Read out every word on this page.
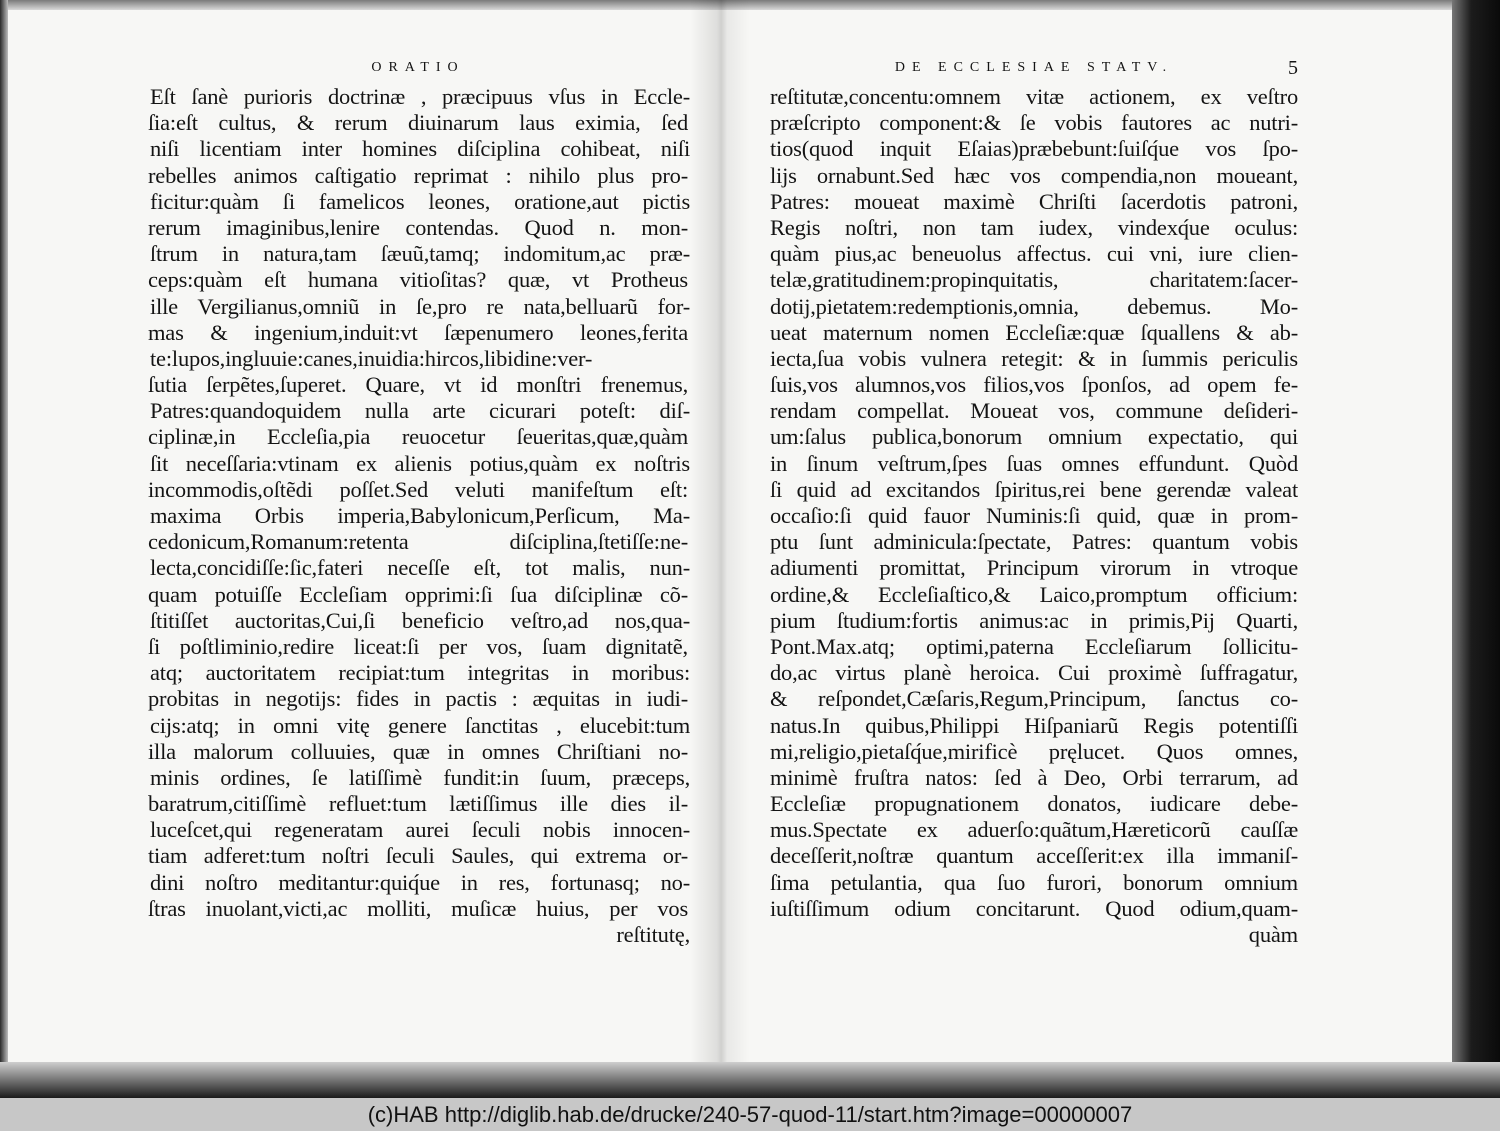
ORATIO
Eſt ſanè purioris doctrinæ , præcipuus vſus in Eccle-
ſia:eſt cultus, & rerum diuinarum laus eximia, ſed
niſi licentiam inter homines diſciplina cohibeat, niſi
rebelles animos caſtigatio reprimat : nihilo plus pro-
ficitur:quàm ſi famelicos leones, oratione,aut pictis
rerum imaginibus,lenire contendas. Quod n. mon-
ſtrum in natura,tam ſæuũ,tamq; indomitum,ac præ-
ceps:quàm eſt humana vitioſitas? quæ, vt Protheus
ille Vergilianus,omniũ in ſe,pro re nata,belluarũ for-
mas & ingenium,induit:vt ſæpenumero leones,ferita
te:lupos,ingluuie:canes,inuidia:hircos,libidine:ver-
ſutia ſerpẽtes,ſuperet. Quare, vt id monſtri frenemus,
Patres:quandoquidem nulla arte cicurari poteſt: diſ-
ciplinæ,in Eccleſia,pia reuocetur ſeueritas,quæ,quàm
ſit neceſſaria:vtinam ex alienis potius,quàm ex noſtris
incommodis,oſtẽdi poſſet.Sed veluti manifeſtum eſt:
maxima Orbis imperia,Babylonicum,Perſicum, Ma-
cedonicum,Romanum:retenta diſciplina,ſtetiſſe:ne-
lecta,concidiſſe:ſic,fateri neceſſe eſt, tot malis, nun-
quam potuiſſe Eccleſiam opprimi:ſi ſua diſciplinæ cõ-
ſtitiſſet auctoritas,Cui,ſi beneficio veſtro,ad nos,qua-
ſi poſtliminio,redire liceat:ſi per vos, ſuam dignitatẽ,
atq; auctoritatem recipiat:tum integritas in moribus:
probitas in negotijs: fides in pactis : æquitas in iudi-
cijs:atq; in omni vitę genere ſanctitas , elucebit:tum
illa malorum colluuies, quæ in omnes Chriſtiani no-
minis ordines, ſe latiſſimè fundit:in ſuum, præceps,
baratrum,citiſſimè refluet:tum lætiſſimus ille dies il-
luceſcet,qui regeneratam aurei ſeculi nobis innocen-
tiam adferet:tum noſtri ſeculi Saules, qui extrema or-
dini noſtro meditantur:quiq́ue in res, fortunasq; no-
ſtras inuolant,victi,ac molliti, muſicæ huius, per vos
reſtitutę,
DE ECCLESIAE STATV.	5
reſtitutæ,concentu:omnem vitæ actionem, ex veſtro
præſcripto component:& ſe vobis fautores ac nutri-
tios(quod inquit Eſaias)præbebunt:ſuiſq́ue vos ſpo-
lijs ornabunt.Sed hæc vos compendia,non moueant,
Patres: moueat maximè Chriſti ſacerdotis patroni,
Regis noſtri, non tam iudex, vindexq́ue oculus:
quàm pius,ac beneuolus affectus. cui vni, iure clien-
telæ,gratitudinem:propinquitatis, charitatem:ſacer-
dotij,pietatem:redemptionis,omnia, debemus. Mo-
ueat maternum nomen Eccleſiæ:quæ ſquallens & ab-
iecta,ſua vobis vulnera retegit: & in ſummis periculis
ſuis,vos alumnos,vos filios,vos ſponſos, ad opem fe-
rendam compellat. Moueat vos, commune deſideri-
um:ſalus publica,bonorum omnium expectatio, qui
in ſinum veſtrum,ſpes ſuas omnes effundunt. Quòd
ſi quid ad excitandos ſpiritus,rei bene gerendæ valeat
occaſio:ſi quid fauor Numinis:ſi quid, quæ in prom-
ptu ſunt adminicula:ſpectate, Patres: quantum vobis
adiumenti promittat, Principum virorum in vtroque
ordine,& Eccleſiaſtico,& Laico,promptum officium:
pium ſtudium:fortis animus:ac in primis,Pij Quarti,
Pont.Max.atq; optimi,paterna Eccleſiarum ſollicitu-
do,ac virtus planè heroica. Cui proximè ſuffragatur,
& reſpondet,Cæſaris,Regum,Principum, ſanctus co-
natus.In quibus,Philippi Hiſpaniarũ Regis potentiſſi
mi,religio,pietaſq́ue,mirificè pręlucet. Quos omnes,
minimè fruſtra natos: ſed à Deo, Orbi terrarum, ad
Eccleſiæ propugnationem donatos, iudicare debe-
mus.Spectate ex aduerſo:quãtum,Hæreticorũ cauſſæ
deceſſerit,noſtræ quantum acceſſerit:ex illa immaniſ-
ſima petulantia, qua ſuo furori, bonorum omnium
iuſtiſſimum odium concitarunt. Quod odium,quam-
quàm
(c)HAB http://diglib.hab.de/drucke/240-57-quod-11/start.htm?image=00000007
